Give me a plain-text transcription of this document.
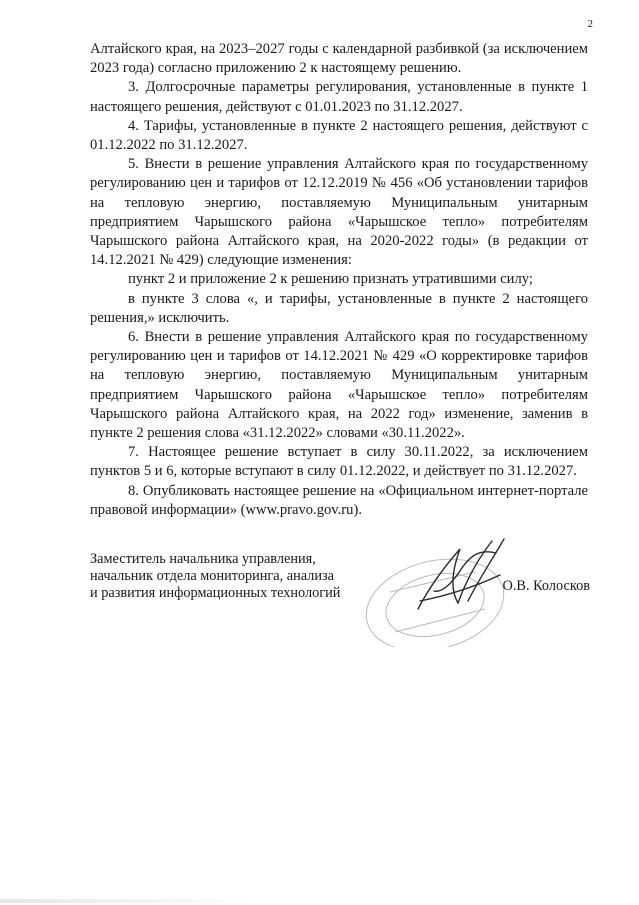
2

Алтайского края, на 2023–2027 годы с календарной разбивкой (за исключением 2023 года) согласно приложению 2 к настоящему решению.

3. Долгосрочные параметры регулирования, установленные в пункте 1 настоящего решения, действуют с 01.01.2023 по 31.12.2027.

4. Тарифы, установленные в пункте 2 настоящего решения, действуют с 01.12.2022 по 31.12.2027.

5. Внести в решение управления Алтайского края по государственному регулированию цен и тарифов от 12.12.2019 № 456 «Об установлении тарифов на тепловую энергию, поставляемую Муниципальным унитарным предприятием Чарышского района «Чарышское тепло» потребителям Чарышского района Алтайского края, на 2020-2022 годы» (в редакции от 14.12.2021 № 429) следующие изменения:

пункт 2 и приложение 2 к решению признать утратившими силу;

в пункте 3 слова «, и тарифы, установленные в пункте 2 настоящего решения,» исключить.

6. Внести в решение управления Алтайского края по государственному регулированию цен и тарифов от 14.12.2021 № 429 «О корректировке тарифов на тепловую энергию, поставляемую Муниципальным унитарным предприятием Чарышского района «Чарышское тепло» потребителям Чарышского района Алтайского края, на 2022 год» изменение, заменив в пункте 2 решения слова «31.12.2022» словами «30.11.2022».

7. Настоящее решение вступает в силу 30.11.2022, за исключением пунктов 5 и 6, которые вступают в силу 01.12.2022, и действует по 31.12.2027.

8. Опубликовать настоящее решение на «Официальном интернет-портале правовой информации» (www.pravo.gov.ru).

Заместитель начальника управления,
начальник отдела мониторинга, анализа
и развития информационных технологий	О.В. Колосков
